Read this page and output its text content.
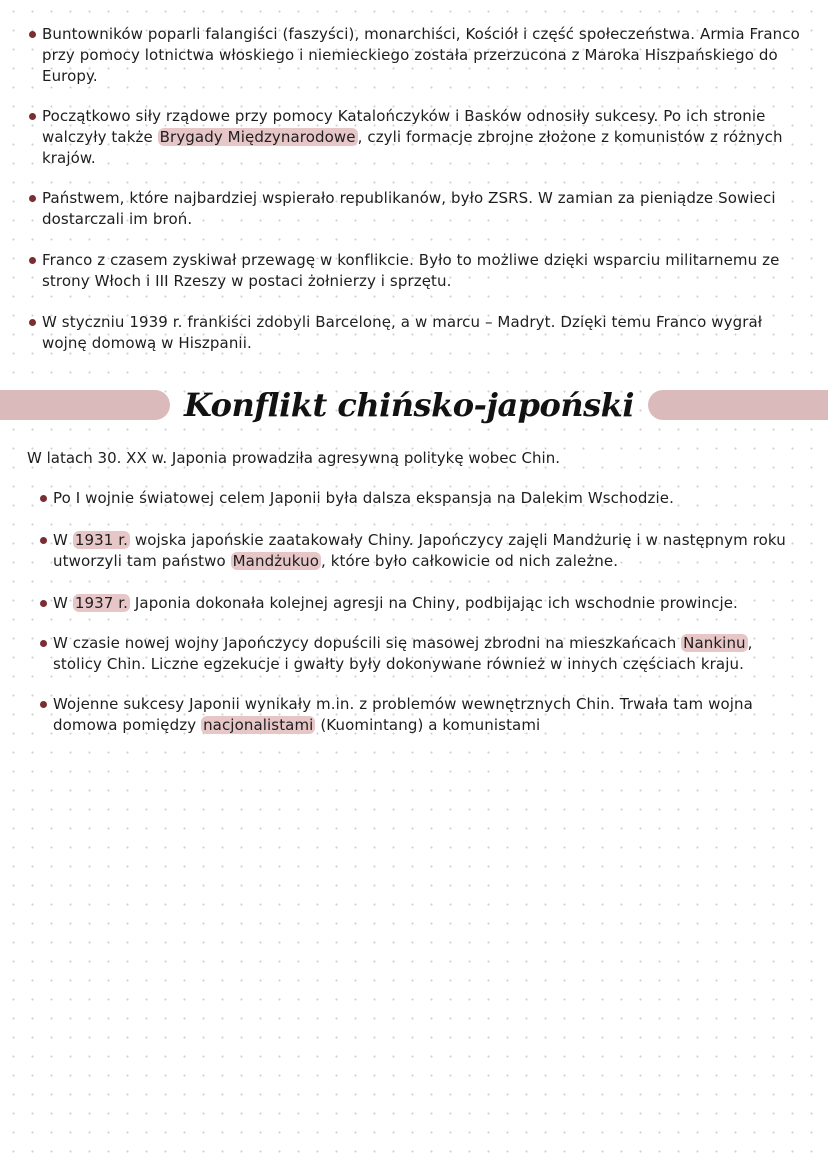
Buntowników poparli falangiści (faszyści), monarchiści, Kościół i część społeczeństwa. Armia Franco przy pomocy lotnictwa włoskiego i niemieckiego została przerzucona z Maroka Hiszpańskiego do Europy.
Początkowo siły rządowe przy pomocy Katalończyków i Basków odnosiły sukcesy. Po ich stronie walczyły także Brygady Międzynarodowe , czyli formacje zbrojne złożone z komunistów z różnych krajów.
Państwem, które najbardziej wspierało republikanów, było ZSRS. W zamian za pieniądze Sowieci dostarczali im broń.
Franco z czasem zyskiwał przewagę w konflikcie. Było to możliwe dzięki wsparciu militarnemu ze strony Włoch i III Rzeszy w postaci żołnierzy i sprzętu.
W styczniu 1939 r. frankiści zdobyli Barcelonę, a w marcu – Madryt. Dzięki temu Franco wygrał wojnę domową w Hiszpanii.
Konflikt chińsko-japoński
W latach 30. XX w. Japonia prowadziła agresywną politykę wobec Chin.
Po I wojnie światowej celem Japonii była dalsza ekspansja na Dalekim Wschodzie.
W 1931 r. wojska japońskie zaatakowały Chiny. Japończycy zajęli Mandżurię i w następnym roku utworzyli tam państwo Mandżukuo , które było całkowicie od nich zależne.
W 1937 r. Japonia dokonała kolejnej agresji na Chiny, podbijając ich wschodnie prowincje.
W czasie nowej wojny Japończycy dopuścili się masowej zbrodni na mieszkańcach Nankinu , stolicy Chin. Liczne egzekucje i gwałty były dokonywane również w innych częściach kraju.
Wojenne sukcesy Japonii wynikały m.in. z problemów wewnętrznych Chin. Trwała tam wojna domowa pomiędzy nacjonalistami (Kuomintang) a komunistami
